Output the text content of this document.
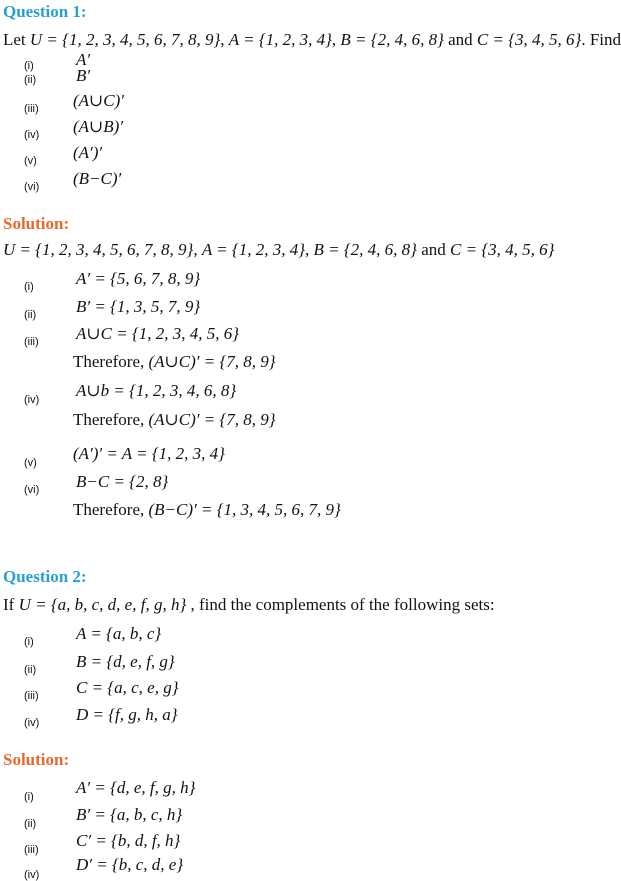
Question 1:
Let U = {1, 2, 3, 4, 5, 6, 7, 8, 9}, A = {1, 2, 3, 4}, B = {2, 4, 6, 8} and C = {3, 4, 5, 6}. Find
(i) A′
(ii) B′
(iii) (A∪C)′
(iv) (A∪B)′
(v) (A′)′
(vi) (B−C)′
Solution:
U = {1, 2, 3, 4, 5, 6, 7, 8, 9}, A = {1, 2, 3, 4}, B = {2, 4, 6, 8} and C = {3, 4, 5, 6}
(i) A′ = {5, 6, 7, 8, 9}
(ii) B′ = {1, 3, 5, 7, 9}
(iii) A∪C = {1, 2, 3, 4, 5, 6}
Therefore, (A∪C)′ = {7, 8, 9}
(iv) A∪b = {1, 2, 3, 4, 6, 8}
Therefore, (A∪C)′ = {7, 8, 9}
(v) (A′)′ = A = {1, 2, 3, 4}
(vi) B−C = {2, 8}
Therefore, (B−C)′ = {1, 3, 4, 5, 6, 7, 9}
Question 2:
If U = {a, b, c, d, e, f, g, h} , find the complements of the following sets:
(i) A = {a, b, c}
(ii) B = {d, e, f, g}
(iii) C = {a, c, e, g}
(iv) D = {f, g, h, a}
Solution:
(i) A′ = {d, e, f, g, h}
(ii) B′ = {a, b, c, h}
(iii) C′ = {b, d, f, h}
(iv)
D′ = {b, c, d, e}
